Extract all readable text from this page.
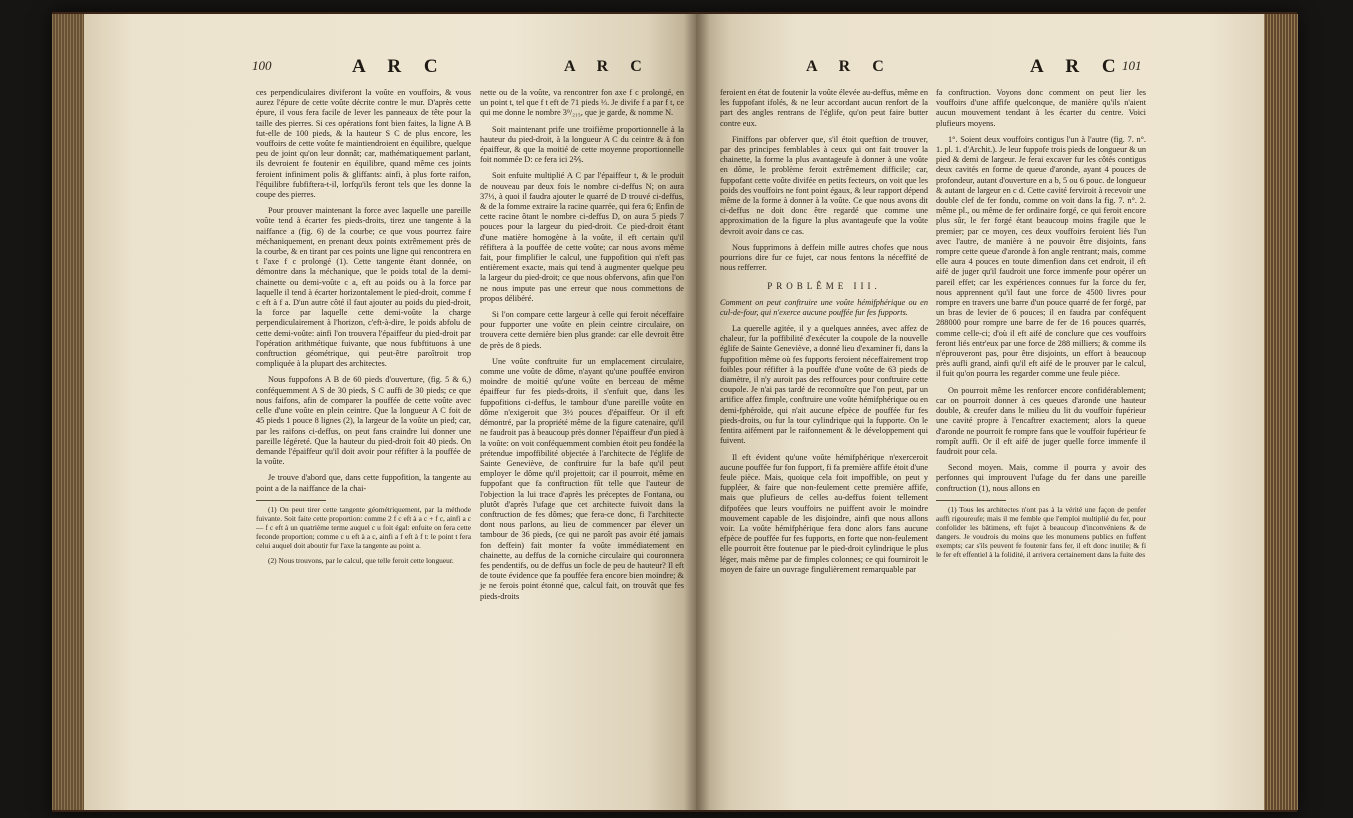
100	A R C	A R C

ces perpendiculaires diviferont la voûte en vouffoirs, & vous aurez l'épure de cette voûte décrite contre le mur. D'après cette épure, il vous fera facile de lever les panneaux de tête pour la taille des pierres. Si ces opérations font bien faites, la ligne A B fut-elle de 100 pieds, & la hauteur S C de plus encore, les vouffoirs de cette voûte fe maintiendroient en équilibre, quelque peu de joint qu'on leur donnât; car, mathématiquement parlant, ils devroient fe foutenir en équilibre, quand même ces joints feroient infiniment polis & gliffants: ainfi, à plus forte raifon, l'équilibre fubfiftera-t-il, lorfqu'ils feront tels que les donne la coupe des pierres.

Pour prouver maintenant la force avec laquelle une pareille voûte tend à écarter fes pieds-droits, tirez une tangente à la naiffance a (fig. 6) de la courbe; ce que vous pourrez faire méchaniquement, en prenant deux points extrêmement près de la courbe, & en tirant par ces points une ligne qui rencontrera en t l'axe f c prolongé (1). Cette tangente étant donnée, on démontre dans la méchanique, que le poids total de la demi-chainette ou demi-voûte c a, eft au poids ou à la force par laquelle il tend à écarter horizontalement le pied-droit, comme f c eft à f a. D'un autre côté il faut ajouter au poids du pied-droit, la force par laquelle cette demi-voûte la charge perpendiculairement à l'horizon, c'eft-à-dire, le poids abfolu de cette demi-voûte: ainfi l'on trouvera l'épaiffeur du pied-droit par l'opération arithmétique fuivante, que nous fubftituons à une conftruction géométrique, qui peut-être paroîtroit trop compliquée à la plupart des architectes.

Nous fuppofons A B de 60 pieds d'ouverture, (fig. 5 & 6,) conféquemment A S de 30 pieds, S C auffi de 30 pieds; ce que nous faifons, afin de comparer la pouffée de cette voûte avec celle d'une voûte en plein ceintre. Que la longueur A C foit de 45 pieds 1 pouce 8 lignes (2), la largeur de la voûte un pied; car, par les raifons ci-deffus, on peut fans craindre lui donner une pareille légéreté. Que la hauteur du pied-droit foit 40 pieds. On demande l'épaiffeur qu'il doit avoir pour réfifter à la pouffée de la voûte.

Je trouve d'abord que, dans cette fuppofition, la tangente au point a de la naiffance de la chai-

(1) On peut tirer cette tangente géométriquement, par la méthode fuivante. Soit faite cette proportion: comme 2 f c eft à a c + f c, ainfi a c — f c eft à un quatrième terme auquel c u foit égal: enfuite on fera cette feconde proportion; comme c u eft à a c, ainfi a f eft à f t: le point t fera celui auquel doit aboutir fur l'axe la tangente au point a.

(2) Nous trouvons, par le calcul, que telle feroit cette longueur.

nette ou de la voûte, va rencontrer fon axe f c prolongé, en un point t, tel que f t eft de 71 pieds ⅓. Je divife f a par f t, ce qui me donne le nombre 3⁹/₂₁₅, que je garde, & nomme N.

Soit maintenant prife une troifième proportionnelle à la hauteur du pied-droit, à la longueur A C du ceintre & à fon épaiffeur, & que la moitié de cette moyenne proportionnelle foit nommée D: ce fera ici 2⅖.

Soit enfuite multiplié A C par l'épaiffeur t, & le produit de nouveau par deux fois le nombre ci-deffus N; on aura 37⅓, à quoi il faudra ajouter le quarré de D trouvé ci-deffus, & de la fomme extraire la racine quarrée, qui fera 6; Enfin de cette racine ôtant le nombre ci-deffus D, on aura 5 pieds 7 pouces pour la largeur du pied-droit. Ce pied-droit étant d'une matière homogène à la voûte, il eft certain qu'il réfiftera à la pouffée de cette voûte; car nous avons même fait, pour fimplifier le calcul, une fuppofition qui n'eft pas entièrement exacte, mais qui tend à augmenter quelque peu la largeur du pied-droit; ce que nous obfervons, afin que l'on ne nous impute pas une erreur que nous commettons de propos délibéré.

Si l'on compare cette largeur à celle qui feroit néceffaire pour fupporter une voûte en plein ceintre circulaire, on trouvera cette dernière bien plus grande: car elle devroit être de près de 8 pieds.

Une voûte conftruite fur un emplacement circulaire, comme une voûte de dôme, n'ayant qu'une pouffée environ moindre de moitié qu'une voûte en berceau de même épaiffeur fur fes pieds-droits, il s'enfuit que, dans les fuppofitions ci-deffus, le tambour d'une pareille voûte en dôme n'exigeroit que 3½ pouces d'épaiffeur. Or il eft démontré, par la propriété même de la figure catenaire, qu'il ne faudroit pas à beaucoup près donner l'épaiffeur d'un pied à la voûte: on voit conféquemment combien étoit peu fondée la prétendue impoffibilité objectée à l'architecte de l'églife de Sainte Geneviève, de conftruire fur la bafe qu'il peut employer le dôme qu'il projettoit; car il pourroit, même en fuppofant que fa conftruction fût telle que l'auteur de l'objection la lui trace d'après les préceptes de Fontana, ou plutôt d'après l'ufage que cet architecte fuivoit dans la conftruction de fes dômes; que fera-ce donc, fi l'architecte dont nous parlons, au lieu de commencer par élever un tambour de 36 pieds, (ce qui ne paroît pas avoir été jamais fon deffein) fait monter fa voûte immédiatement en chainette, au deffus de la corniche circulaire qui couronnera fes pendentifs, ou de deffus un focle de peu de hauteur? Il eft de toute évidence que fa pouffée fera encore bien moindre; & je ne ferois point étonné que, calcul fait, on trouvât que fes pieds-droits

A R C	A R C
101

feroient en état de foutenir la voûte élevée au-deffus, même en les fuppofant ifolés, & ne leur accordant aucun renfort de la part des angles rentrans de l'églife, qu'on peut faire butter contre eux.

Finiffons par obferver que, s'il étoit queftion de trouver, par des principes femblables à ceux qui ont fait trouver la chainette, la forme la plus avantageufe à donner à une voûte en dôme, le problème feroit extrêmement difficile; car, fuppofant cette voûte divifée en petits fecteurs, on voit que les poids des vouffoirs ne font point égaux, & leur rapport dépend même de la forme à donner à la voûte. Ce que nous avons dit ci-deffus ne doit donc être regardé que comme une approximation de la figure la plus avantageufe que la voûte devroit avoir dans ce cas.

Nous fupprimons à deffein mille autres chofes que nous pourrions dire fur ce fujet, car nous fentons la néceffité de nous refferrer.

PROBLÊME III.

Comment on peut conftruire une voûte hémifphérique ou en cul-de-four, qui n'exerce aucune pouffée fur fes fupports.

La querelle agitée, il y a quelques années, avec affez de chaleur, fur la poffibilité d'exécuter la coupole de la nouvelle églife de Sainte Geneviève, a donné lieu d'examiner fi, dans la fuppofition même où fes fupports feroient néceffairement trop foibles pour réfifter à la pouffée d'une voûte de 63 pieds de diamètre, il n'y auroit pas des reffources pour conftruire cette coupole. Je n'ai pas tardé de reconnoître que l'on peut, par un artifice affez fimple, conftruire une voûte hémifphérique ou en demi-fphéroïde, qui n'ait aucune efpèce de pouffée fur fes pieds-droits, ou fur la tour cylindrique qui la fupporte. On le fentira aifément par le raifonnement & le développement qui fuivent.

Il eft évident qu'une voûte hémifphérique n'exerceroit aucune pouffée fur fon fupport, fi fa première affife étoit d'une feule pièce. Mais, quoique cela foit impoffible, on peut y fuppléer, & faire que non-feulement cette première affife, mais que plufieurs de celles au-deffus foient tellement difpofées que leurs vouffoirs ne puiffent avoir le moindre mouvement capable de les disjoindre, ainfi que nous allons voir. La voûte hémifphérique fera donc alors fans aucune efpèce de pouffée fur fes fupports, en forte que non-feulement elle pourroit être foutenue par le pied-droit cylindrique le plus léger, mais même par de fimples colonnes; ce qui fourniroit le moyen de faire un ouvrage fingulièrement remarquable par

fa conftruction. Voyons donc comment on peut lier les vouffoirs d'une affife quelconque, de manière qu'ils n'aient aucun mouvement tendant à les écarter du centre. Voici plufieurs moyens.

1°. Soient deux vouffoirs contigus l'un à l'autre (fig. 7. n°. 1. pl. 1. d'Archit.). Je leur fuppofe trois pieds de longueur & un pied & demi de largeur. Je ferai excaver fur les côtés contigus deux cavités en forme de queue d'aronde, ayant 4 pouces de profondeur, autant d'ouverture en a b, 5 ou 6 pouc. de longueur & autant de largeur en c d. Cette cavité ferviroit à recevoir une double clef de fer fondu, comme on voit dans la fig. 7. n°. 2. même pl., ou même de fer ordinaire forgé, ce qui feroit encore plus sûr, le fer forgé étant beaucoup moins fragile que le premier; par ce moyen, ces deux vouffoirs feroient liés l'un avec l'autre, de manière à ne pouvoir être disjoints, fans rompre cette queue d'aronde à fon angle rentrant; mais, comme elle aura 4 pouces en toute dimenfion dans cet endroit, il eft aifé de juger qu'il faudroit une force immenfe pour opérer un pareil effet; car les expériences connues fur la force du fer, nous apprennent qu'il faut une force de 4500 livres pour rompre en travers une barre d'un pouce quarré de fer forgé, par un bras de levier de 6 pouces; il en faudra par conféquent 288000 pour rompre une barre de fer de 16 pouces quarrés, comme celle-ci; d'où il eft aifé de conclure que ces vouffoirs feront liés entr'eux par une force de 288 milliers; & comme ils n'éprouveront pas, pour être disjoints, un effort à beaucoup près aufli grand, ainfi qu'il eft aifé de le prouver par le calcul, il fuit qu'on pourra les regarder comme une feule pièce.

On pourroit même les renforcer encore confidérablement; car on pourroit donner à ces queues d'aronde une hauteur double, & creufer dans le milieu du lit du vouffoir fupérieur une cavité propre à l'encaftrer exactement; alors la queue d'aronde ne pourroit fe rompre fans que le vouffoir fupérieur fe rompît auffi. Or il eft aifé de juger quelle force immenfe il faudroit pour cela.

Second moyen. Mais, comme il pourra y avoir des perfonnes qui improuvent l'ufage du fer dans une pareille conftruction (1), nous allons en

(1) Tous les architectes n'ont pas à la vérité une façon de penfer auffi rigoureufe; mais il me femble que l'emploi multiplié du fer, pour confolider les bâtimens, eft fujet à beaucoup d'inconvéniens & de dangers. Je voudrois du moins que les monumens publics en fuffent exempts; car s'ils peuvent fe foutenir fans fer, il eft donc inutile; & fi le fer eft effentiel à la folidité, il arrivera certainement dans la fuite des
